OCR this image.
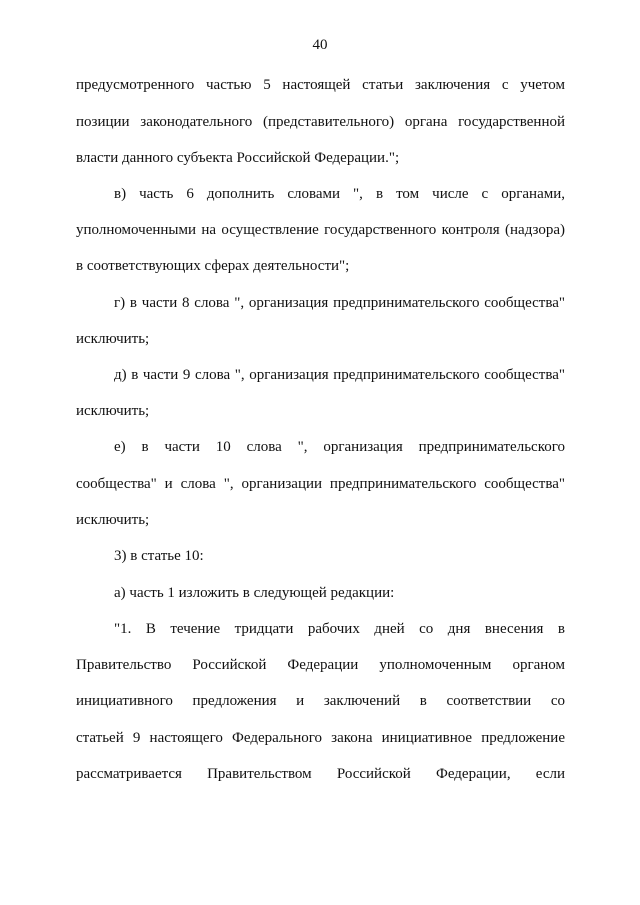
40
предусмотренного частью 5 настоящей статьи заключения с учетом
позиции законодательного (представительного) органа государственной
власти данного субъекта Российской Федерации.";
в) часть 6 дополнить словами ", в том числе с органами,
уполномоченными на осуществление государственного контроля (надзора)
в соответствующих сферах деятельности";
г) в части 8 слова ", организация предпринимательского сообщества"
исключить;
д) в части 9 слова ", организация предпринимательского сообщества"
исключить;
е) в части 10 слова ", организация предпринимательского
сообщества" и слова ", организации предпринимательского сообщества"
исключить;
3) в статье 10:
а) часть 1 изложить в следующей редакции:
"1. В течение тридцати рабочих дней со дня внесения в
Правительство Российской Федерации уполномоченным органом
инициативного предложения и заключений в соответствии со
статьей 9 настоящего Федерального закона инициативное предложение
рассматривается Правительством Российской Федерации, если
